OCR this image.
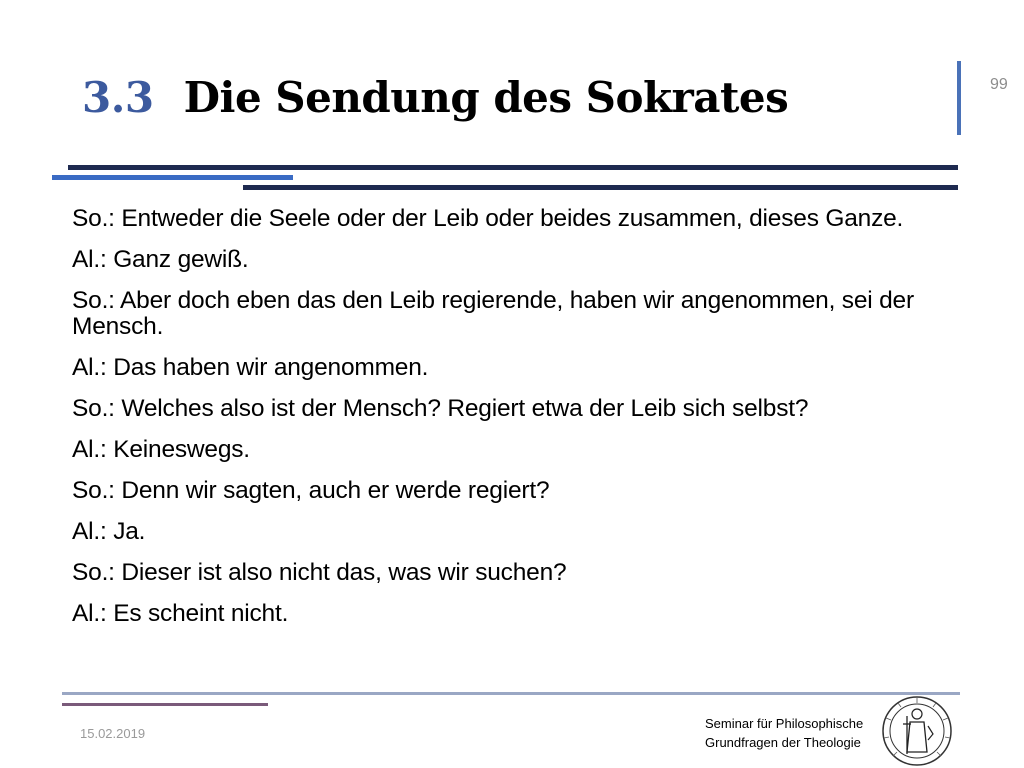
3.3 Die Sendung des Sokrates	99
So.: Entweder die Seele oder der Leib oder beides zusammen, dieses Ganze.
Al.: Ganz gewiß.
So.: Aber doch eben das den Leib regierende, haben wir angenommen, sei der Mensch.
Al.: Das haben wir angenommen.
So.: Welches also ist der Mensch? Regiert etwa der Leib sich selbst?
Al.: Keineswegs.
So.: Denn wir sagten, auch er werde regiert?
Al.: Ja.
So.: Dieser ist also nicht das, was wir suchen?
Al.: Es scheint nicht.
15.02.2019
Seminar für Philosophische
Grundfragen der Theologie
